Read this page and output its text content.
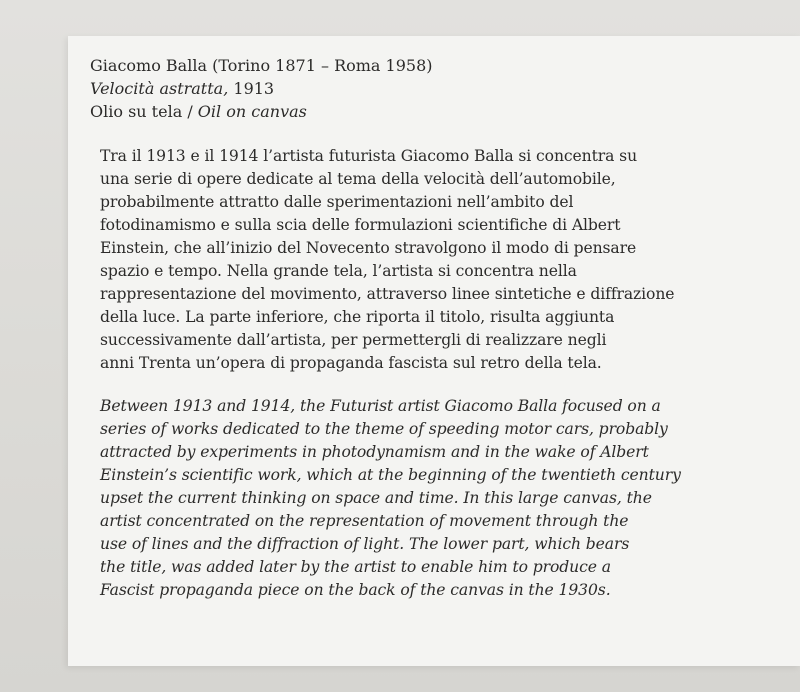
Giacomo Balla (Torino 1871 – Roma 1958)
Velocità astratta, 1913
Olio su tela / Oil on canvas
Tra il 1913 e il 1914 l’artista futurista Giacomo Balla si concentra su
una serie di opere dedicate al tema della velocità dell’automobile,
probabilmente attratto dalle sperimentazioni nell’ambito del
fotodinamismo e sulla scia delle formulazioni scientifiche di Albert
Einstein, che all’inizio del Novecento stravolgono il modo di pensare
spazio e tempo. Nella grande tela, l’artista si concentra nella
rappresentazione del movimento, attraverso linee sintetiche e diffrazione
della luce. La parte inferiore, che riporta il titolo, risulta aggiunta
successivamente dall’artista, per permettergli di realizzare negli
anni Trenta un’opera di propaganda fascista sul retro della tela.
Between 1913 and 1914, the Futurist artist Giacomo Balla focused on a
series of works dedicated to the theme of speeding motor cars, probably
attracted by experiments in photodynamism and in the wake of Albert
Einstein’s scientific work, which at the beginning of the twentieth century
upset the current thinking on space and time. In this large canvas, the
artist concentrated on the representation of movement through the
use of lines and the diffraction of light. The lower part, which bears
the title, was added later by the artist to enable him to produce a
Fascist propaganda piece on the back of the canvas in the 1930s.
